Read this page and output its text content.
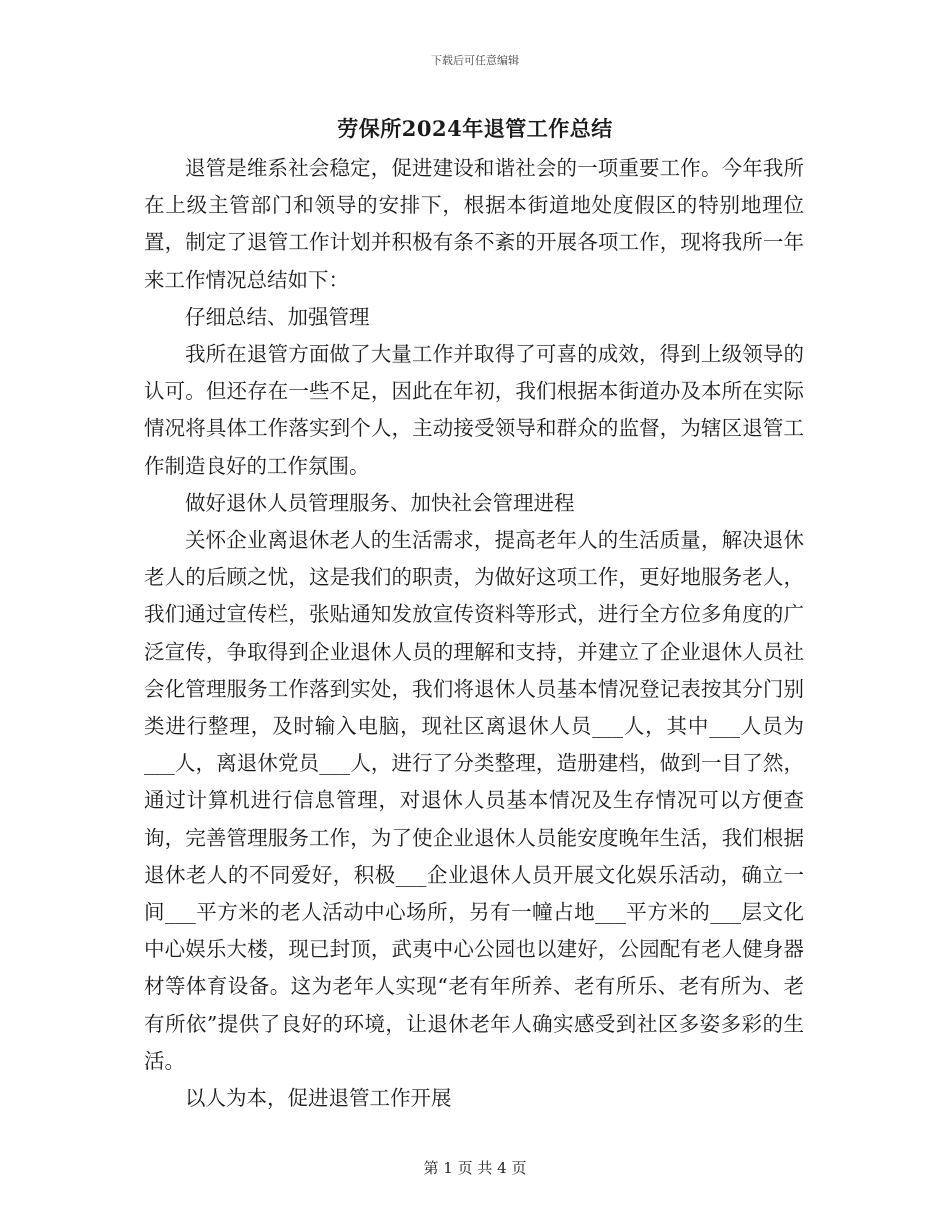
下载后可任意编辑
劳保所2024年退管工作总结

退管是维系社会稳定，促进建设和谐社会的一项重要工作。今年我所在上级主管部门和领导的安排下，根据本街道地处度假区的特别地理位置，制定了退管工作计划并积极有条不紊的开展各项工作，现将我所一年来工作情况总结如下：

仔细总结、加强管理

我所在退管方面做了大量工作并取得了可喜的成效，得到上级领导的认可。但还存在一些不足，因此在年初，我们根据本街道办及本所在实际情况将具体工作落实到个人，主动接受领导和群众的监督，为辖区退管工作制造良好的工作氛围。

做好退休人员管理服务、加快社会管理进程

关怀企业离退休老人的生活需求，提高老年人的生活质量，解决退休老人的后顾之忧，这是我们的职责，为做好这项工作，更好地服务老人，我们通过宣传栏，张贴通知发放宣传资料等形式，进行全方位多角度的广泛宣传，争取得到企业退休人员的理解和支持，并建立了企业退休人员社会化管理服务工作落到实处，我们将退休人员基本情况登记表按其分门别类进行整理，及时输入电脑，现社区离退休人员___人，其中___人员为___人，离退休党员___人，进行了分类整理，造册建档，做到一目了然，通过计算机进行信息管理，对退休人员基本情况及生存情况可以方便查询，完善管理服务工作，为了使企业退休人员能安度晚年生活，我们根据退休老人的不同爱好，积极___企业退休人员开展文化娱乐活动，确立一间___平方米的老人活动中心场所，另有一幢占地___平方米的___层文化中心娱乐大楼，现已封顶，武夷中心公园也以建好，公园配有老人健身器材等体育设备。这为老年人实现“老有年所养、老有所乐、老有所为、老有所依”提供了良好的环境，让退休老年人确实感受到社区多姿多彩的生活。

以人为本，促进退管工作开展

第 1 页 共 4 页
